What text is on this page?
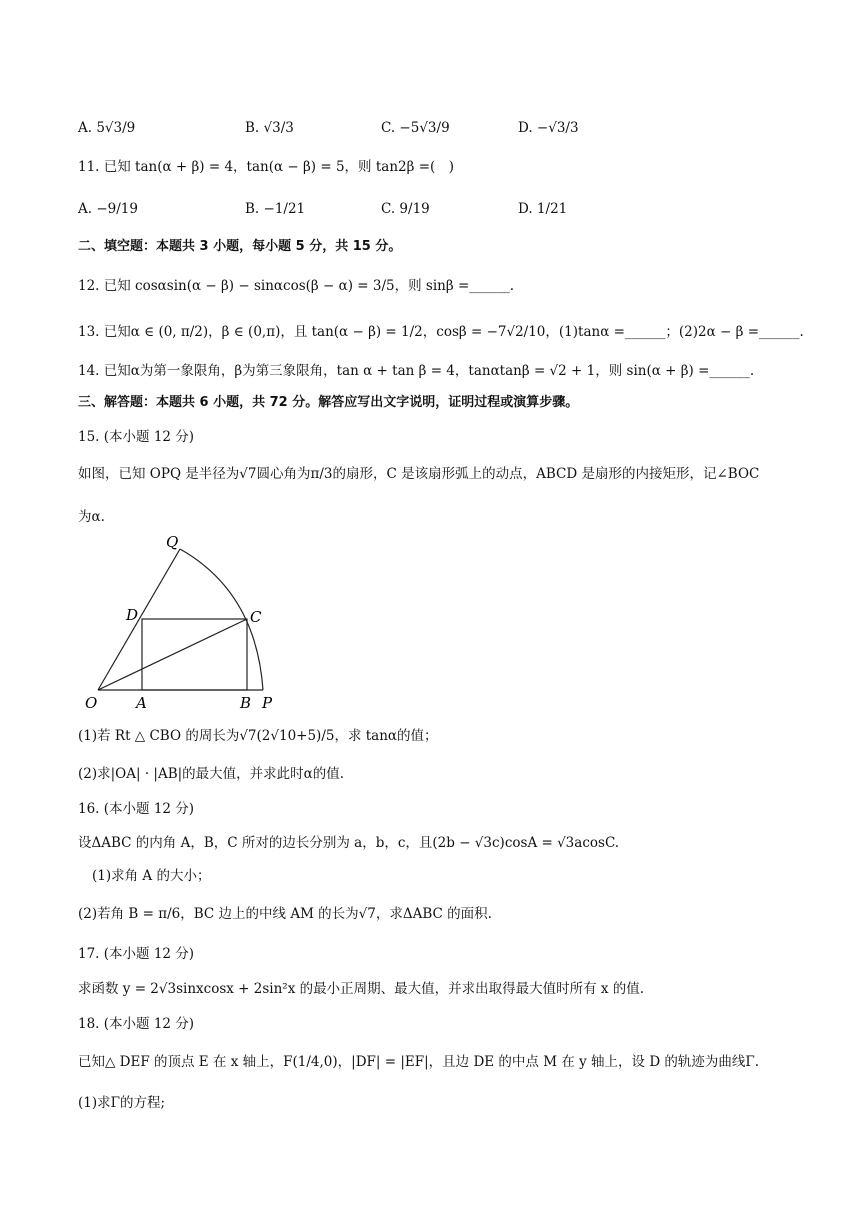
A. 5√3/9	B. √3/3	C. −5√3/9	D. −√3/3
11. 已知 tan(α + β) = 4，tan(α − β) = 5，则 tan2β =(　)
A. −9/19	B. −1/21	C. 9/19	D. 1/21
二、填空题：本题共 3 小题，每小题 5 分，共 15 分。
12. 已知 cosαsin(α − β) − sinαcos(β − α) = 3/5，则 sinβ =______.
13. 已知α ∈ (0, π/2)，β ∈ (0,π)，且 tan(α − β) = 1/2，cosβ = −7√2/10，(1)tanα =______；(2)2α − β =______.
14. 已知α为第一象限角，β为第三象限角，tan α + tan β = 4，tanαtanβ = √2 + 1，则 sin(α + β) =______.
三、解答题：本题共 6 小题，共 72 分。解答应写出文字说明，证明过程或演算步骤。
15. (本小题 12 分)
如图，已知 OPQ 是半径为√7圆心角为π/3的扇形，C 是该扇形弧上的动点，ABCD 是扇形的内接矩形，记∠BOC
为α.
O	A	B P
C
D
Q
(1)若 Rt △ CBO 的周长为√7(2√10+5)/5，求 tanα的值；
(2)求|OA| · |AB|的最大值，并求此时α的值.
16. (本小题 12 分)
设ΔABC 的内角 A，B，C 所对的边长分别为 a，b，c，且(2b − √3c)cosA = √3acosC.
(1)求角 A 的大小；
(2)若角 B = π/6，BC 边上的中线 AM 的长为√7，求ΔABC 的面积.
17. (本小题 12 分)
求函数 y = 2√3sinxcosx + 2sin²x 的最小正周期、最大值，并求出取得最大值时所有 x 的值.
18. (本小题 12 分)
已知△ DEF 的顶点 E 在 x 轴上，F(1/4,0)，|DF| = |EF|，且边 DE 的中点 M 在 y 轴上，设 D 的轨迹为曲线Γ.
(1)求Γ的方程;
